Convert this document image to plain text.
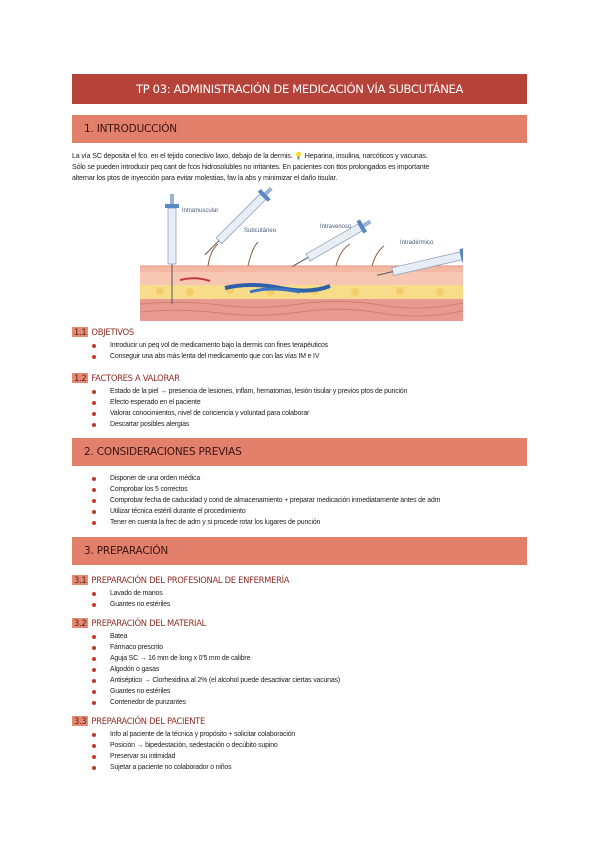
TP 03: ADMINISTRACIÓN DE MEDICACIÓN VÍA SUBCUTÁNEA
1. INTRODUCCIÓN
La vía SC deposita el fco. en el tejido conectivo laxo, debajo de la dermis. 💡 Heparina, insulina, narcóticos y vacunas.
Sólo se pueden introducir peq cant de fcos hidrosolubles no irritantes. En pacientes con ttos prolongados es importante
alternar los ptos de inyección para evitar molestias, fav la abs y minimizar el daño tisular.
Intramuscular
Subcutáneo
Intravenoso
Intradérmico
1.1 OBJETIVOS
Introducir un peq vol de medicamento bajo la dermis con fines terapéuticos
Conseguir una abs más lenta del medicamento que con las vías IM e IV
1.2 FACTORES A VALORAR
Estado de la piel → presencia de lesiones, inflam, hematomas, lesión tisular y previos ptos de punción
Efecto esperado en el paciente
Valorar conocimientos, nivel de conciencia y voluntad para colaborar
Descartar posibles alergias
2. CONSIDERACIONES PREVIAS
Disponer de una orden médica
Comprobar los 5 correctos
Comprobar fecha de caducidad y cond de almacenamiento + preparar medicación inmediatamente antes de adm
Utilizar técnica estéril durante el procedimiento
Tener en cuenta la frec de adm y si procede rotar los lugares de punción
3. PREPARACIÓN
3.1 PREPARACIÓN DEL PROFESIONAL DE ENFERMERÍA
Lavado de manos
Guantes no estériles
3.2 PREPARACIÓN DEL MATERIAL
Batea
Fármaco prescrito
Aguja SC → 16 mm de long x 0'5 mm de calibre
Algodón o gasas
Antiséptico → Clorhexidina al 2% (el alcohol puede desactivar ciertas vacunas)
Guantes no estériles
Contenedor de punzantes
3.3 PREPARACIÓN DEL PACIENTE
Info al paciente de la técnica y propósito + solicitar colaboración
Posición → bipedestación, sedestación o decúbito supino
Preservar su intimidad
Sujetar a paciente no colaborador o niños
